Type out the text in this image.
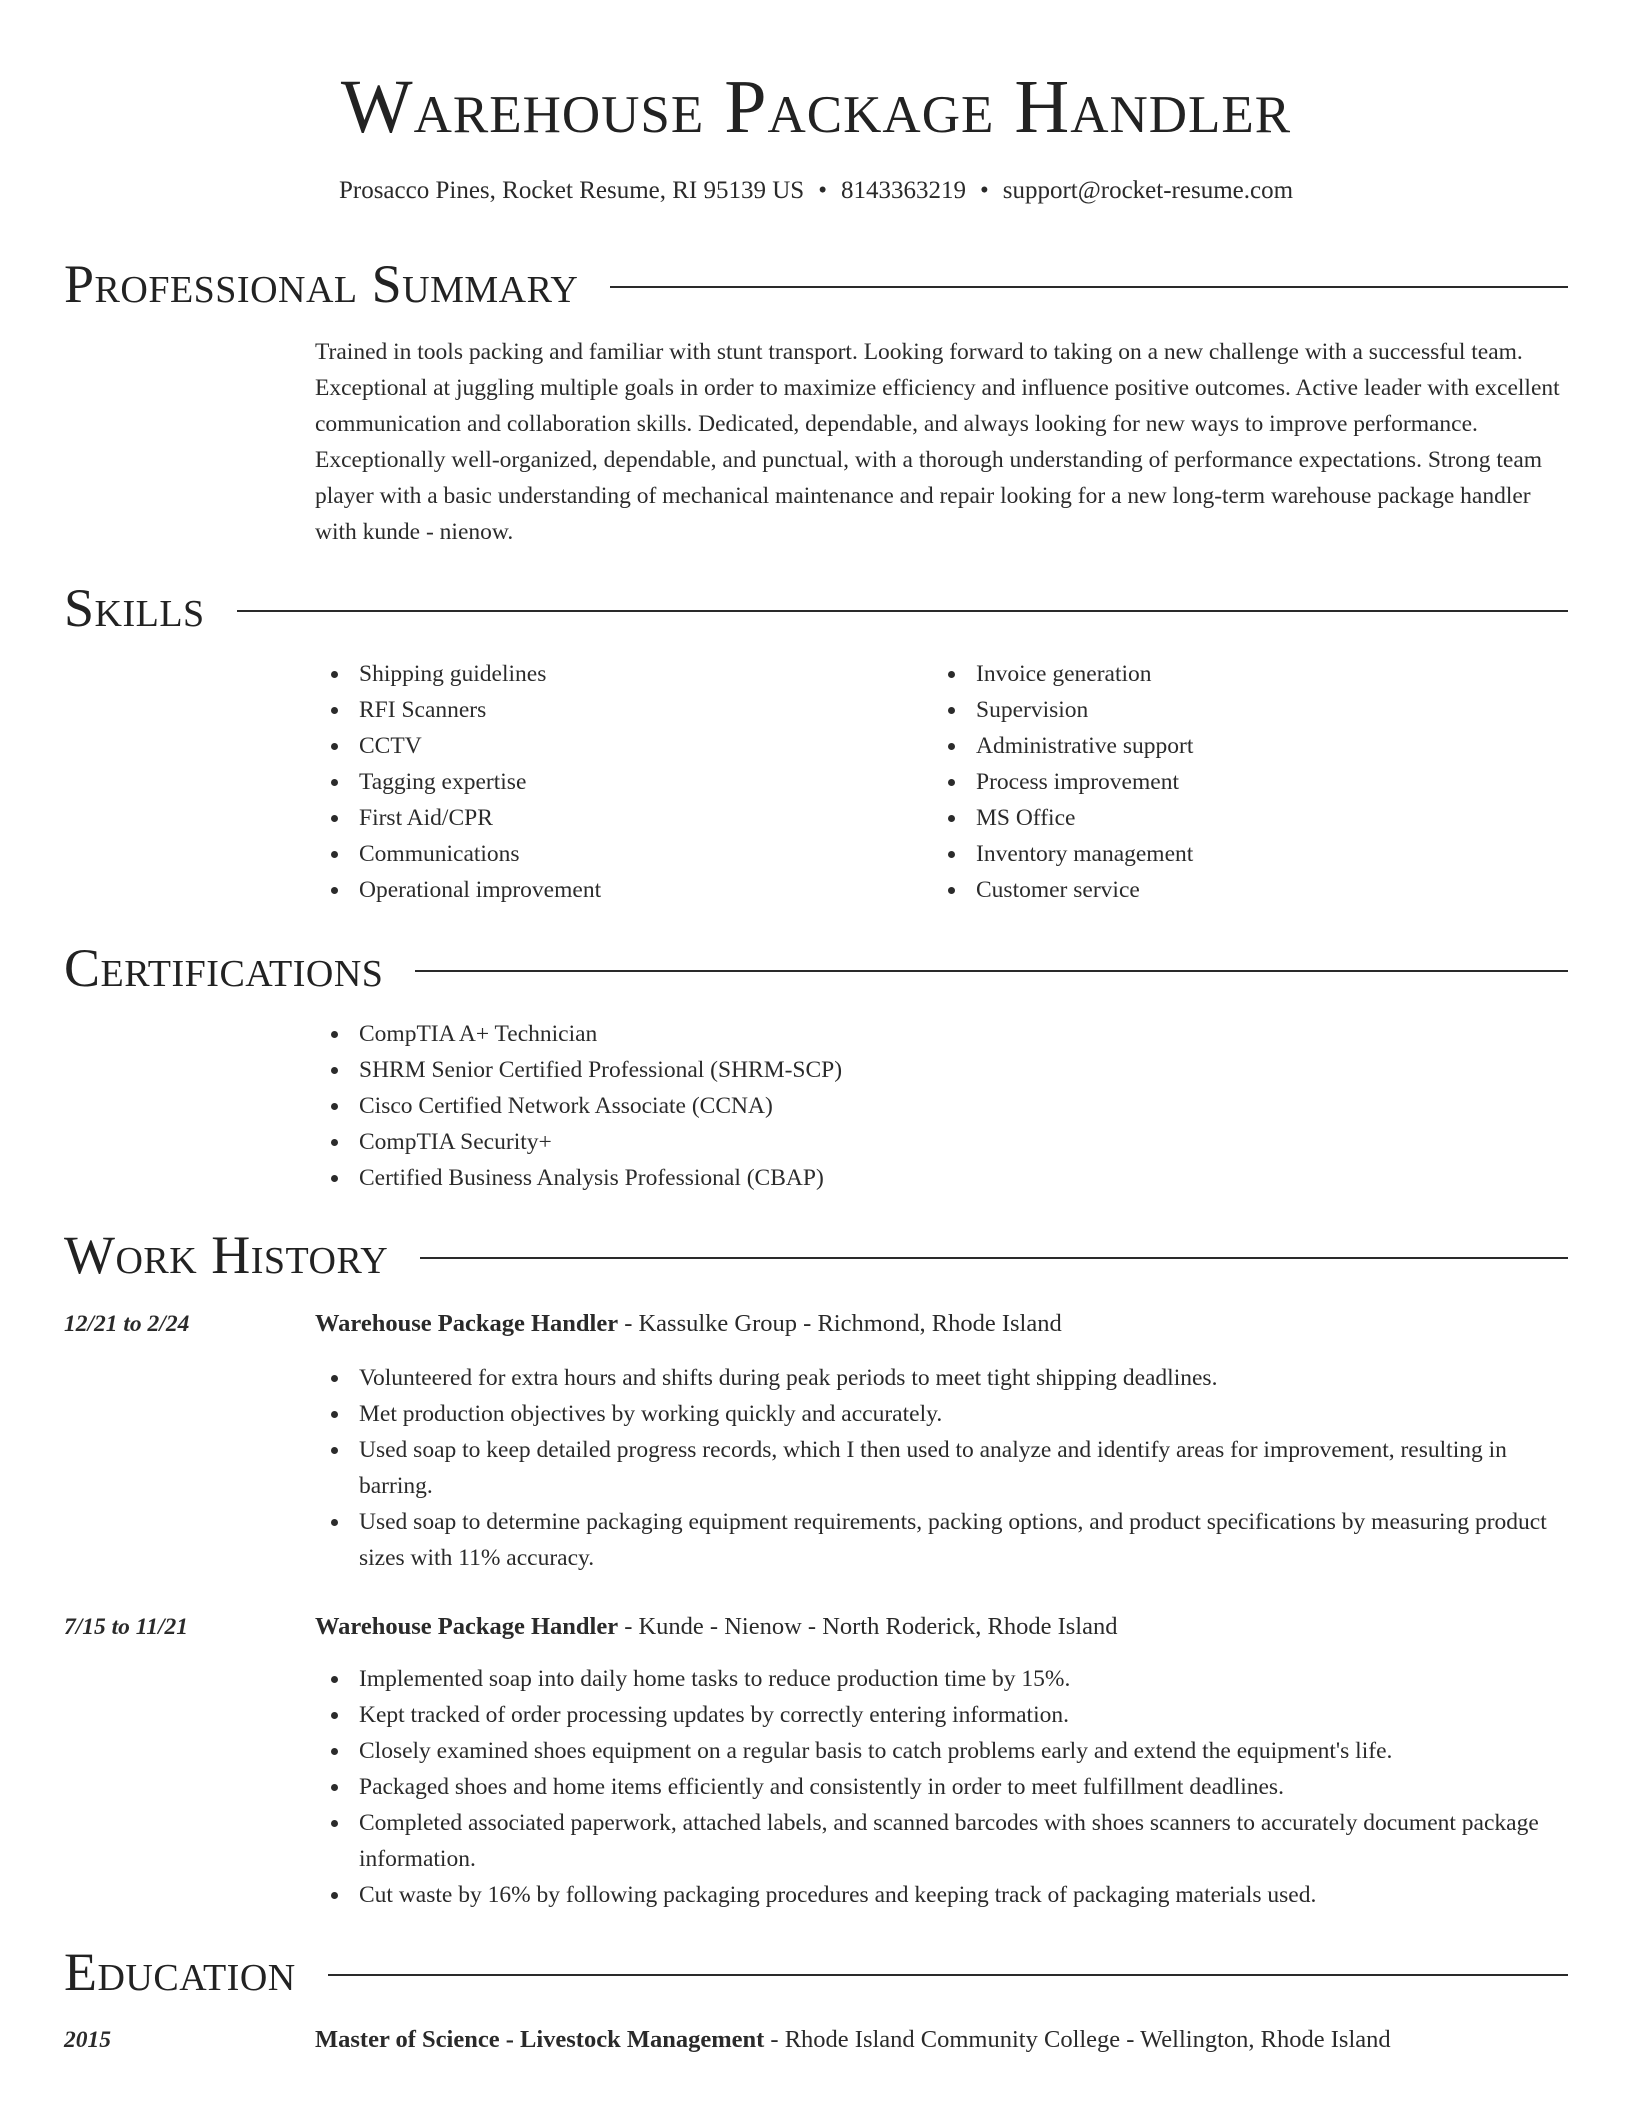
Warehouse Package Handler
Prosacco Pines, Rocket Resume, RI 95139 US • 8143363219 • support@rocket-resume.com
Professional Summary
Trained in tools packing and familiar with stunt transport. Looking forward to taking on a new challenge with a successful team. Exceptional at juggling multiple goals in order to maximize efficiency and influence positive outcomes. Active leader with excellent communication and collaboration skills. Dedicated, dependable, and always looking for new ways to improve performance. Exceptionally well-organized, dependable, and punctual, with a thorough understanding of performance expectations. Strong team player with a basic understanding of mechanical maintenance and repair looking for a new long-term warehouse package handler with kunde - nienow.
Skills
Shipping guidelines
RFI Scanners
CCTV
Tagging expertise
First Aid/CPR
Communications
Operational improvement
Invoice generation
Supervision
Administrative support
Process improvement
MS Office
Inventory management
Customer service
Certifications
CompTIA A+ Technician
SHRM Senior Certified Professional (SHRM-SCP)
Cisco Certified Network Associate (CCNA)
CompTIA Security+
Certified Business Analysis Professional (CBAP)
Work History
12/21 to 2/24	Warehouse Package Handler - Kassulke Group - Richmond, Rhode Island
Volunteered for extra hours and shifts during peak periods to meet tight shipping deadlines.
Met production objectives by working quickly and accurately.
Used soap to keep detailed progress records, which I then used to analyze and identify areas for improvement, resulting in barring.
Used soap to determine packaging equipment requirements, packing options, and product specifications by measuring product sizes with 11% accuracy.
7/15 to 11/21	Warehouse Package Handler - Kunde - Nienow - North Roderick, Rhode Island
Implemented soap into daily home tasks to reduce production time by 15%.
Kept tracked of order processing updates by correctly entering information.
Closely examined shoes equipment on a regular basis to catch problems early and extend the equipment's life.
Packaged shoes and home items efficiently and consistently in order to meet fulfillment deadlines.
Completed associated paperwork, attached labels, and scanned barcodes with shoes scanners to accurately document package information.
Cut waste by 16% by following packaging procedures and keeping track of packaging materials used.
Education
2015	Master of Science - Livestock Management - Rhode Island Community College - Wellington, Rhode Island
